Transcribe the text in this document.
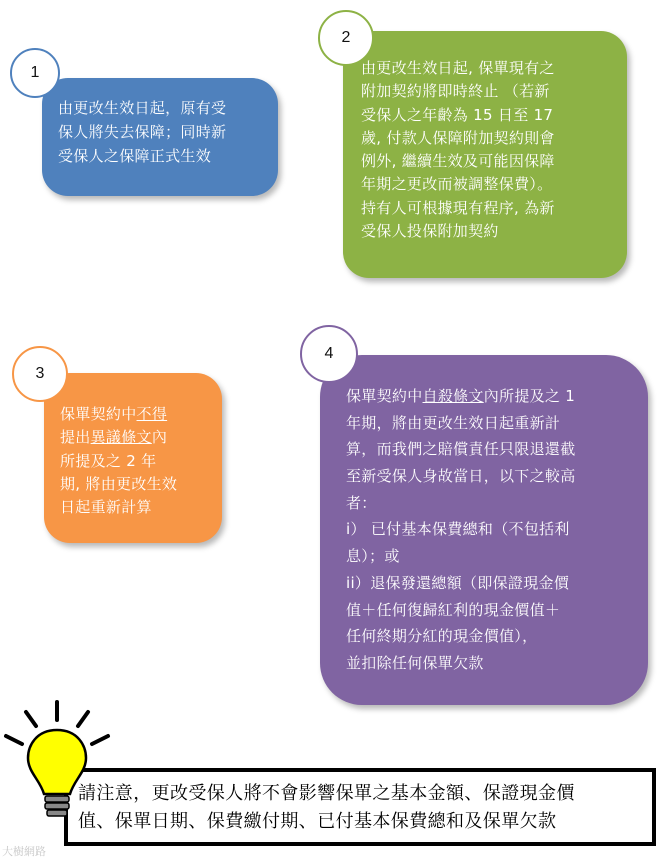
由更改生效日起，原有受
保人將失去保障；同時新
受保人之保障正式生效
1	由更改生效日起, 保單現有之
附加契約將即時終止 （若新
受保人之年齡為 15 日至 17
歲, 付款人保障附加契約則會
例外, 繼續生效及可能因保障
年期之更改而被調整保費）。
持有人可根據現有程序, 為新
受保人投保附加契約
2
保單契約中不得
提出異議條文內
所提及之 2 年
期, 將由更改生效
日起重新計算
3
保單契約中自殺條文內所提及之 1
年期，將由更改生效日起重新計
算，而我們之賠償責任只限退還截
至新受保人身故當日，以下之較高
者：
i） 已付基本保費總和（不包括利
息）；或
ii）退保發還總額（即保證現金價
值＋任何復歸紅利的現金價值＋
任何終期分紅的現金價值），
並扣除任何保單欠款
4
請注意，更改受保人將不會影響保單之基本金額、保證現金價
值、保單日期、保費繳付期、已付基本保費總和及保單欠款
大樹網路
